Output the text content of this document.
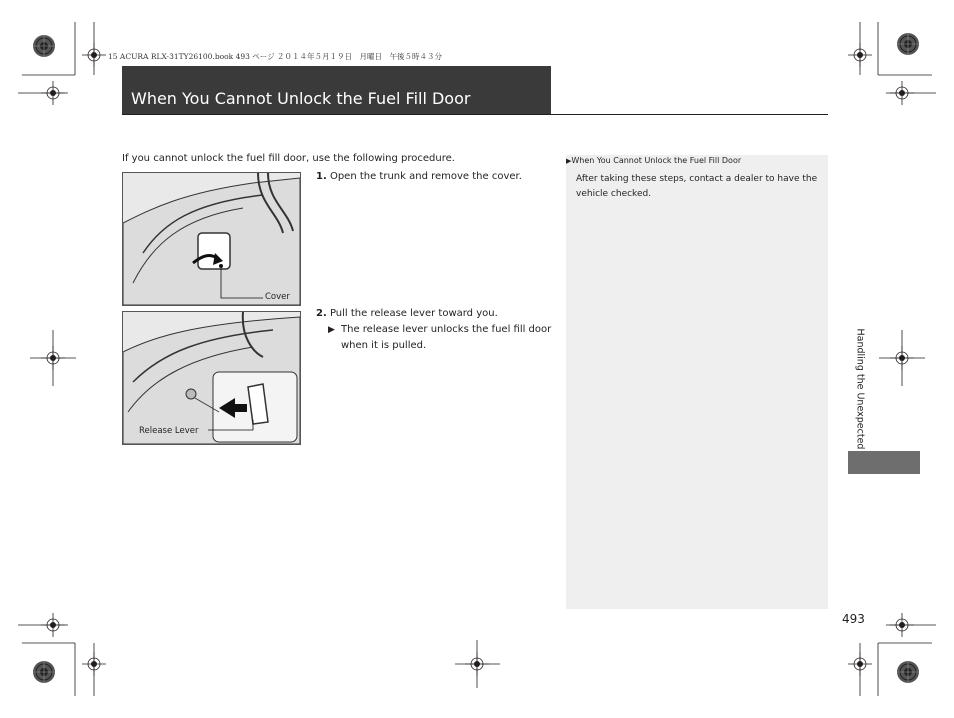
15 ACURA RLX-31TY26100.book 493 ページ ２０１４年５月１９日　月曜日　午後５時４３分
When You Cannot Unlock the Fuel Fill Door
If you cannot unlock the fuel fill door, use the following procedure.
Cover
1. Open the trunk and remove the cover.
Release Lever
2. Pull the release lever toward you.
▶ The release lever unlocks the fuel fill door when it is pulled.
▶When You Cannot Unlock the Fuel Fill Door
After taking these steps, contact a dealer to have the vehicle checked.
Handling the Unexpected
493
